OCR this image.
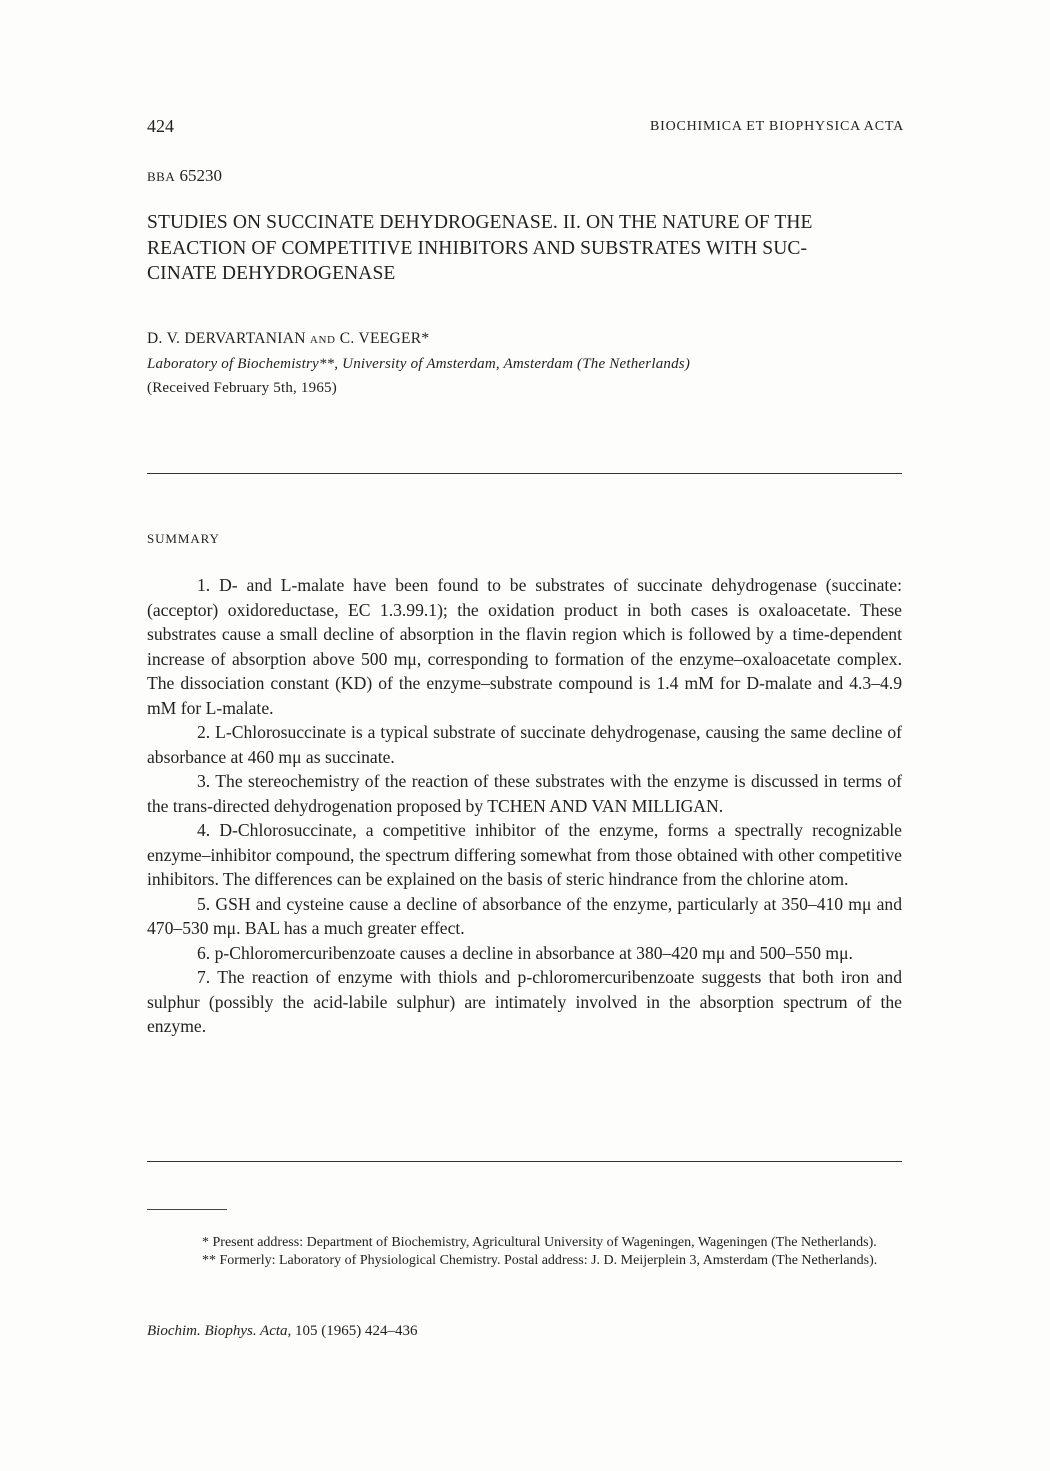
424	BIOCHIMICA ET BIOPHYSICA ACTA
BBA 65230
STUDIES ON SUCCINATE DEHYDROGENASE. II. ON THE NATURE OF THE
REACTION OF COMPETITIVE INHIBITORS AND SUBSTRATES WITH SUC-
CINATE DEHYDROGENASE
D. V. DERVARTANIAN AND C. VEEGER*
Laboratory of Biochemistry**, University of Amsterdam, Amsterdam (The Netherlands)
(Received February 5th, 1965)
SUMMARY

1. D- and L-malate have been found to be substrates of succinate dehydrogenase (succinate:(acceptor) oxidoreductase, EC 1.3.99.1); the oxidation product in both cases is oxaloacetate. These substrates cause a small decline of absorption in the flavin region which is followed by a time-dependent increase of absorption above 500 mμ, corresponding to formation of the enzyme–oxaloacetate complex. The dissociation constant (KD) of the enzyme–substrate compound is 1.4 mM for D-malate and 4.3–4.9 mM for L-malate.

2. L-Chlorosuccinate is a typical substrate of succinate dehydrogenase, causing the same decline of absorbance at 460 mμ as succinate.

3. The stereochemistry of the reaction of these substrates with the enzyme is discussed in terms of the trans-directed dehydrogenation proposed by TCHEN AND VAN MILLIGAN.

4. D-Chlorosuccinate, a competitive inhibitor of the enzyme, forms a spectrally recognizable enzyme–inhibitor compound, the spectrum differing somewhat from those obtained with other competitive inhibitors. The differences can be explained on the basis of steric hindrance from the chlorine atom.

5. GSH and cysteine cause a decline of absorbance of the enzyme, particularly at 350–410 mμ and 470–530 mμ. BAL has a much greater effect.

6. p-Chloromercuribenzoate causes a decline in absorbance at 380–420 mμ and 500–550 mμ.

7. The reaction of enzyme with thiols and p-chloromercuribenzoate suggests that both iron and sulphur (possibly the acid-labile sulphur) are intimately involved in the absorption spectrum of the enzyme.

* Present address: Department of Biochemistry, Agricultural University of Wageningen, Wageningen (The Netherlands).

** Formerly: Laboratory of Physiological Chemistry. Postal address: J. D. Meijerplein 3, Amsterdam (The Netherlands).

Biochim. Biophys. Acta, 105 (1965) 424–436
